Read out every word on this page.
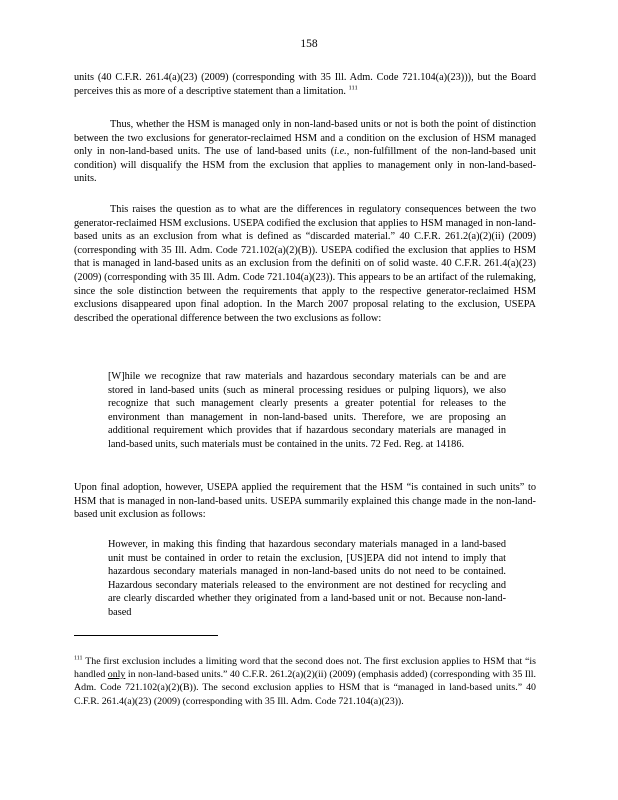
158
units (40 C.F.R. 261.4(a)(23) (2009) (corresponding with 35 Ill. Adm. Code 721.104(a)(23))), but the Board perceives this as more of a descriptive statement than a limitation. $^{111}$
Thus, whether the HSM is managed only in non-land-based units or not is both the point of distinction between the two exclusions for generator-reclaimed HSM and a condition on the exclusion of HSM managed only in non-land-based units. The use of land-based units (i.e., non-fulfillment of the non-land-based unit condition) will disqualify the HSM from the exclusion that applies to management only in non-land-based-units.
This raises the question as to what are the differences in regulatory consequences between the two generator-reclaimed HSM exclusions. USEPA codified the exclusion that applies to HSM managed in non-land-based units as an exclusion from what is defined as “discarded material.” 40 C.F.R. 261.2(a)(2)(ii) (2009) (corresponding with 35 Ill. Adm. Code 721.102(a)(2)(B)). USEPA codified the exclusion that applies to HSM that is managed in land-based units as an exclusion from the definiti on of solid waste. 40 C.F.R. 261.4(a)(23) (2009) (corresponding with 35 Ill. Adm. Code 721.104(a)(23)). This appears to be an artifact of the rulemaking, since the sole distinction between the requirements that apply to the respective generator-reclaimed HSM exclusions disappeared upon final adoption. In the March 2007 proposal relating to the exclusion, USEPA described the operational difference between the two exclusions as follow:
[W]hile we recognize that raw materials and hazardous secondary materials can be and are stored in land-based units (such as mineral processing residues or pulping liquors), we also recognize that such management clearly presents a greater potential for releases to the environment than management in non-land-based units. Therefore, we are proposing an additional requirement which provides that if hazardous secondary materials are managed in land-based units, such materials must be contained in the units. 72 Fed. Reg. at 14186.
Upon final adoption, however, USEPA applied the requirement that the HSM “is contained in such units” to HSM that is managed in non-land-based units. USEPA summarily explained this change made in the non-land-based unit exclusion as follows:
However, in making this finding that hazardous secondary materials managed in a land-based unit must be contained in order to retain the exclusion, [US]EPA did not intend to imply that hazardous secondary materials managed in non-land-based units do not need to be contained. Hazardous secondary materials released to the environment are not destined for recycling and are clearly discarded whether they originated from a land-based unit or not. Because non-land-based
$^{111}$ The first exclusion includes a limiting word that the second does not. The first exclusion applies to HSM that “is handled only in non-land-based units.” 40 C.F.R. 261.2(a)(2)(ii) (2009) (emphasis added) (corresponding with 35 Ill. Adm. Code 721.102(a)(2)(B)). The second exclusion applies to HSM that is “managed in land-based units.” 40 C.F.R. 261.4(a)(23) (2009) (corresponding with 35 Ill. Adm. Code 721.104(a)(23)).
